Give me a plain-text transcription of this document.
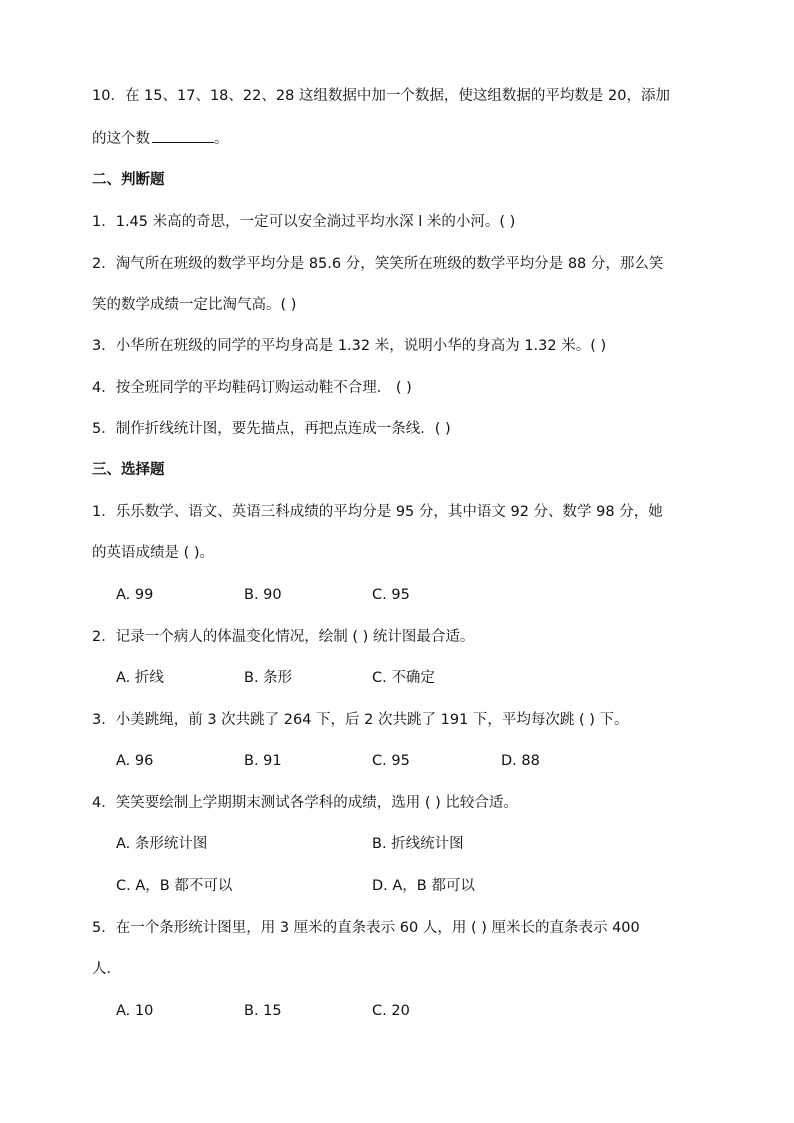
10．在 15、17、18、22、28 这组数据中加一个数据，使这组数据的平均数是 20，添加
的这个数	。
二、判断题
1．1.45 米高的奇思，一定可以安全淌过平均水深 l 米的小河。( )
2．淘气所在班级的数学平均分是 85.6 分，笑笑所在班级的数学平均分是 88 分，那么笑
笑的数学成绩一定比淘气高。( )
3．小华所在班级的同学的平均身高是 1.32 米，说明小华的身高为 1.32 米。( )
4．按全班同学的平均鞋码订购运动鞋不合理． ( )
5．制作折线统计图，要先描点，再把点连成一条线．( )
三、选择题
1．乐乐数学、语文、英语三科成绩的平均分是 95 分，其中语文 92 分、数学 98 分，她
的英语成绩是 ( )。
A. 99	B. 90	C. 95
2．记录一个病人的体温变化情况，绘制 ( ) 统计图最合适。
A. 折线	B. 条形	C. 不确定
3．小美跳绳，前 3 次共跳了 264 下，后 2 次共跳了 191 下，平均每次跳 ( ) 下。
A. 96	B. 91	C. 95	D. 88
4．笑笑要绘制上学期期末测试各学科的成绩，选用 ( ) 比较合适。
A. 条形统计图	B. 折线统计图
C. A，B 都不可以	D. A，B 都可以
5．在一个条形统计图里，用 3 厘米的直条表示 60 人，用 ( ) 厘米长的直条表示 400
人．
A. 10	B. 15	C. 20
